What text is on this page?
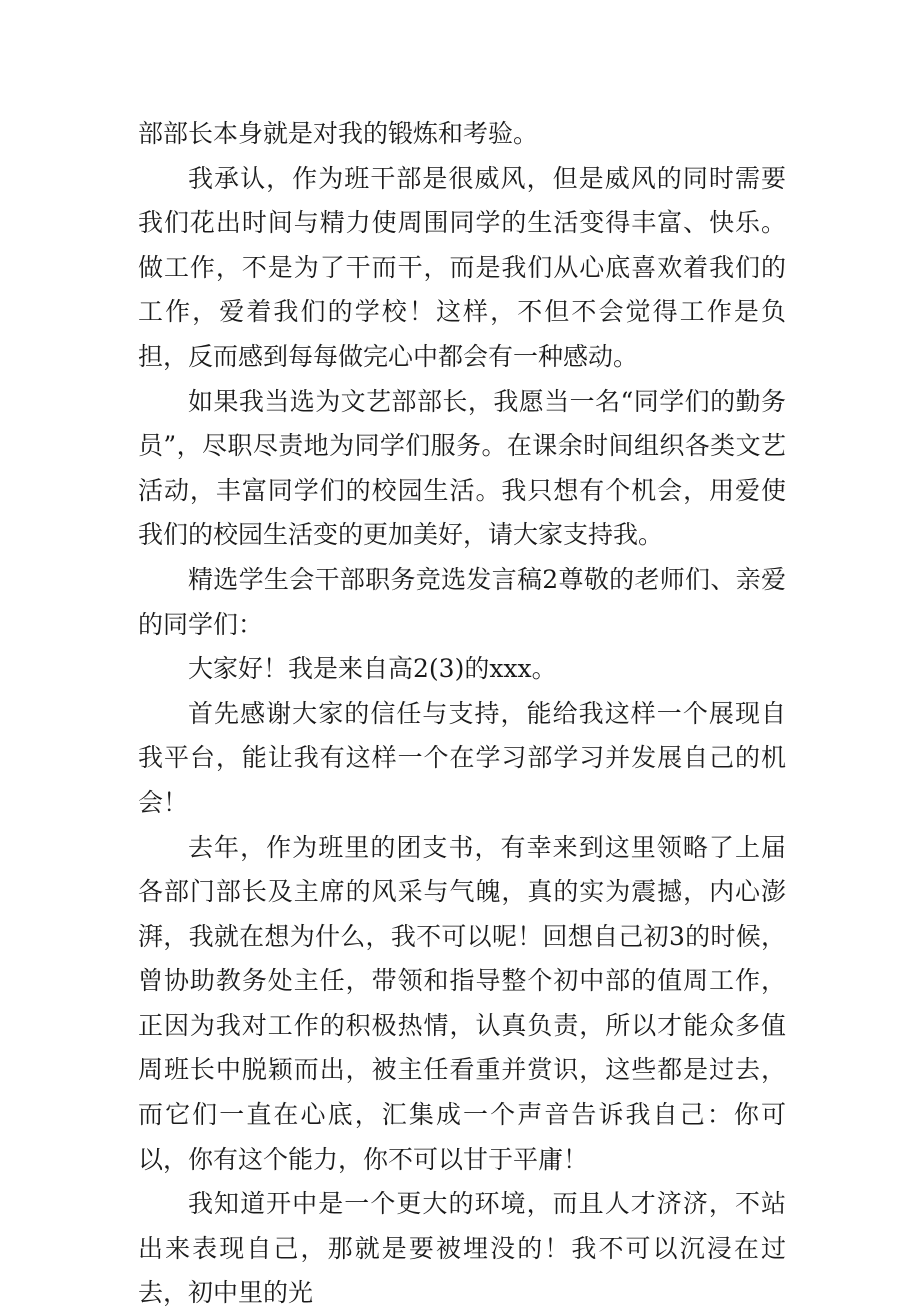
部部长本身就是对我的锻炼和考验。

我承认，作为班干部是很威风，但是威风的同时需要我们花出时间与精力使周围同学的生活变得丰富、快乐。做工作，不是为了干而干，而是我们从心底喜欢着我们的工作，爱着我们的学校！这样，不但不会觉得工作是负担，反而感到每每做完心中都会有一种感动。

如果我当选为文艺部部长，我愿当一名“同学们的勤务员”，尽职尽责地为同学们服务。在课余时间组织各类文艺活动，丰富同学们的校园生活。我只想有个机会，用爱使我们的校园生活变的更加美好，请大家支持我。

精选学生会干部职务竞选发言稿2尊敬的老师们、亲爱的同学们：

大家好！我是来自高2(3)的xxx。

首先感谢大家的信任与支持，能给我这样一个展现自我平台，能让我有这样一个在学习部学习并发展自己的机会！

去年，作为班里的团支书，有幸来到这里领略了上届各部门部长及主席的风采与气魄，真的实为震撼，内心澎湃，我就在想为什么，我不可以呢！回想自己初3的时候，曾协助教务处主任，带领和指导整个初中部的值周工作，正因为我对工作的积极热情，认真负责，所以才能众多值周班长中脱颖而出，被主任看重并赏识，这些都是过去，而它们一直在心底，汇集成一个声音告诉我自己：你可以，你有这个能力，你不可以甘于平庸！

我知道开中是一个更大的环境，而且人才济济，不站出来表现自己，那就是要被埋没的！我不可以沉浸在过去，初中里的光
